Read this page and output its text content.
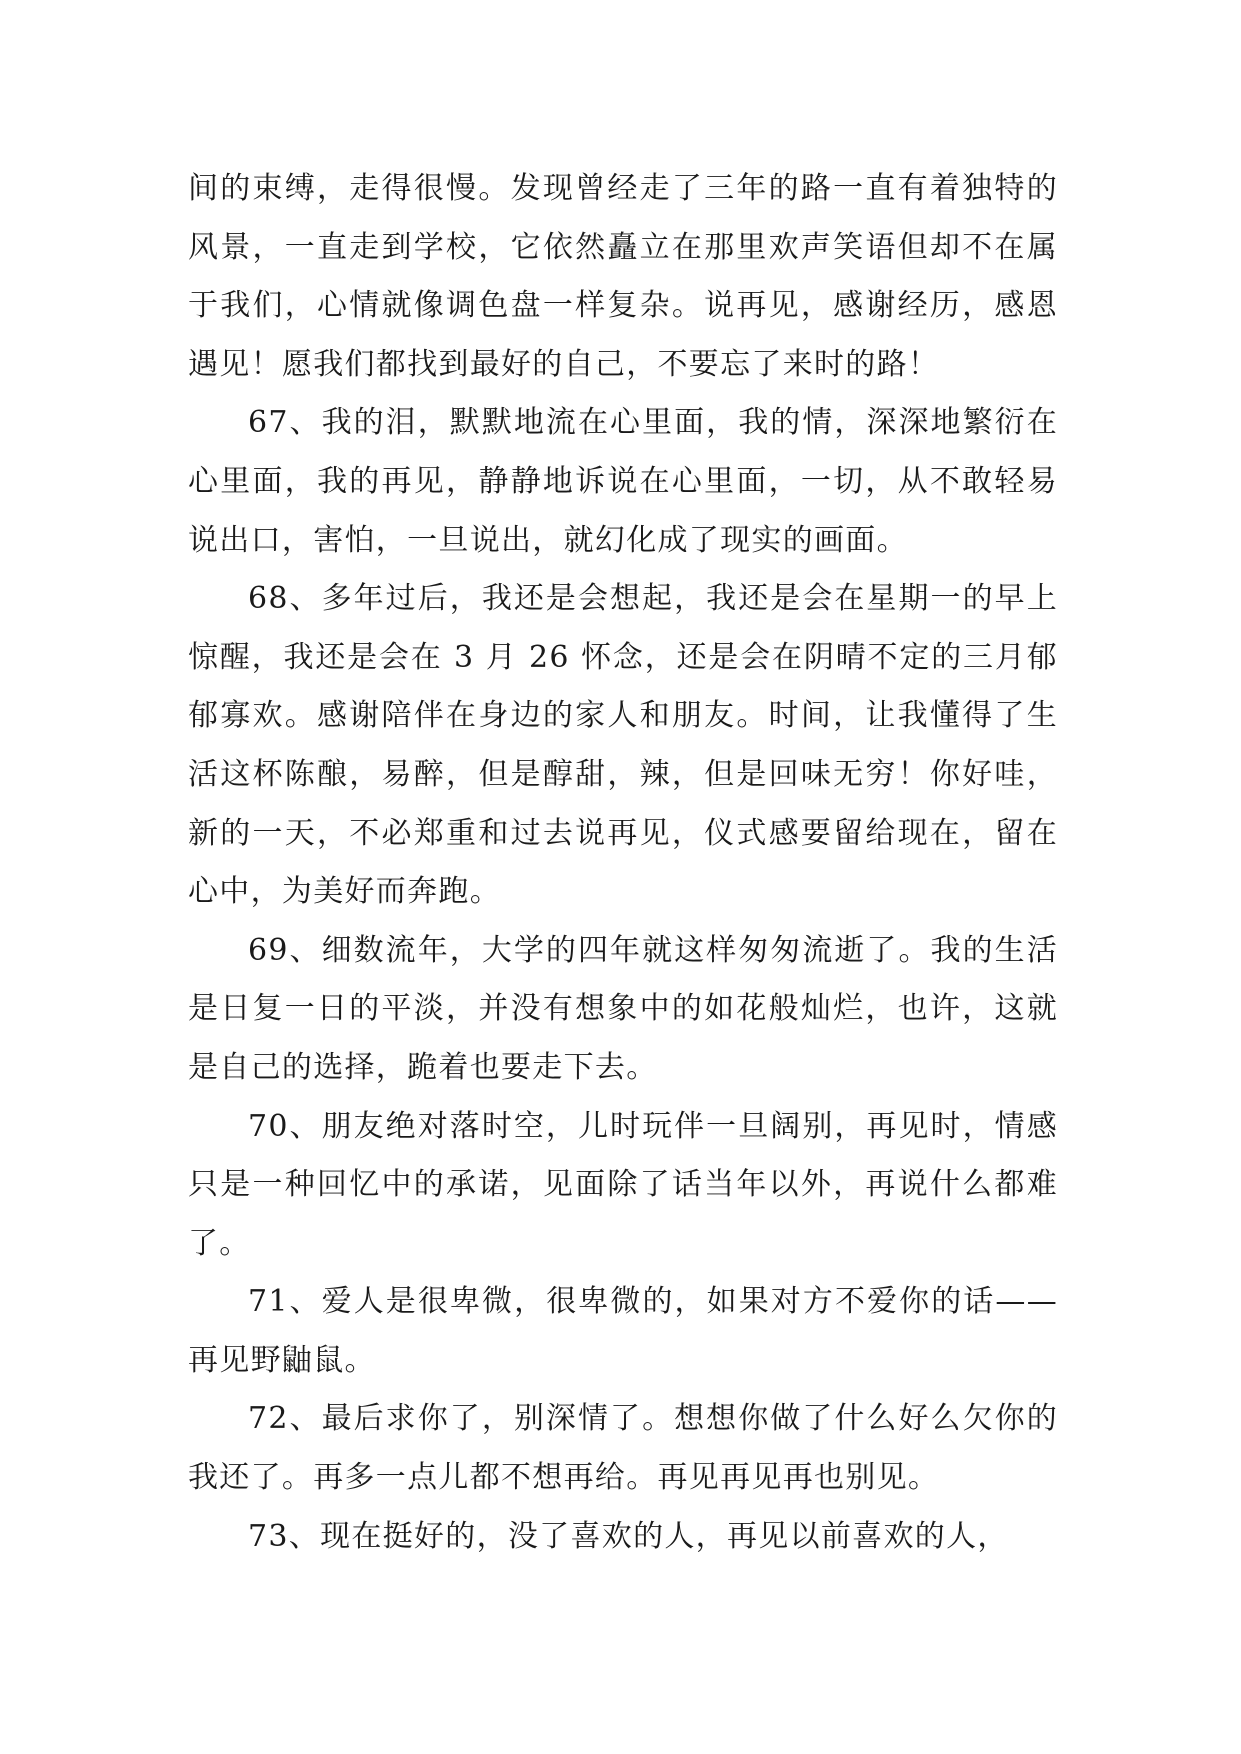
间的束缚，走得很慢。发现曾经走了三年的路一直有着独特的风景，一直走到学校，它依然矗立在那里欢声笑语但却不在属于我们，心情就像调色盘一样复杂。说再见，感谢经历，感恩遇见！愿我们都找到最好的自己，不要忘了来时的路！

67、我的泪，默默地流在心里面，我的情，深深地繁衍在心里面，我的再见，静静地诉说在心里面，一切，从不敢轻易说出口，害怕，一旦说出，就幻化成了现实的画面。

68、多年过后，我还是会想起，我还是会在星期一的早上惊醒，我还是会在 3 月 26 怀念，还是会在阴晴不定的三月郁郁寡欢。感谢陪伴在身边的家人和朋友。时间，让我懂得了生活这杯陈酿，易醉，但是醇甜，辣，但是回味无穷！你好哇，新的一天，不必郑重和过去说再见，仪式感要留给现在，留在心中，为美好而奔跑。

69、细数流年，大学的四年就这样匆匆流逝了。我的生活是日复一日的平淡，并没有想象中的如花般灿烂，也许，这就是自己的选择，跪着也要走下去。

70、朋友绝对落时空，儿时玩伴一旦阔别，再见时，情感只是一种回忆中的承诺，见面除了话当年以外，再说什么都难了。

71、爱人是很卑微，很卑微的，如果对方不爱你的话——再见野鼬鼠。

72、最后求你了，别深情了。想想你做了什么好么欠你的我还了。再多一点儿都不想再给。再见再见再也别见。

73、现在挺好的，没了喜欢的人，再见以前喜欢的人，
